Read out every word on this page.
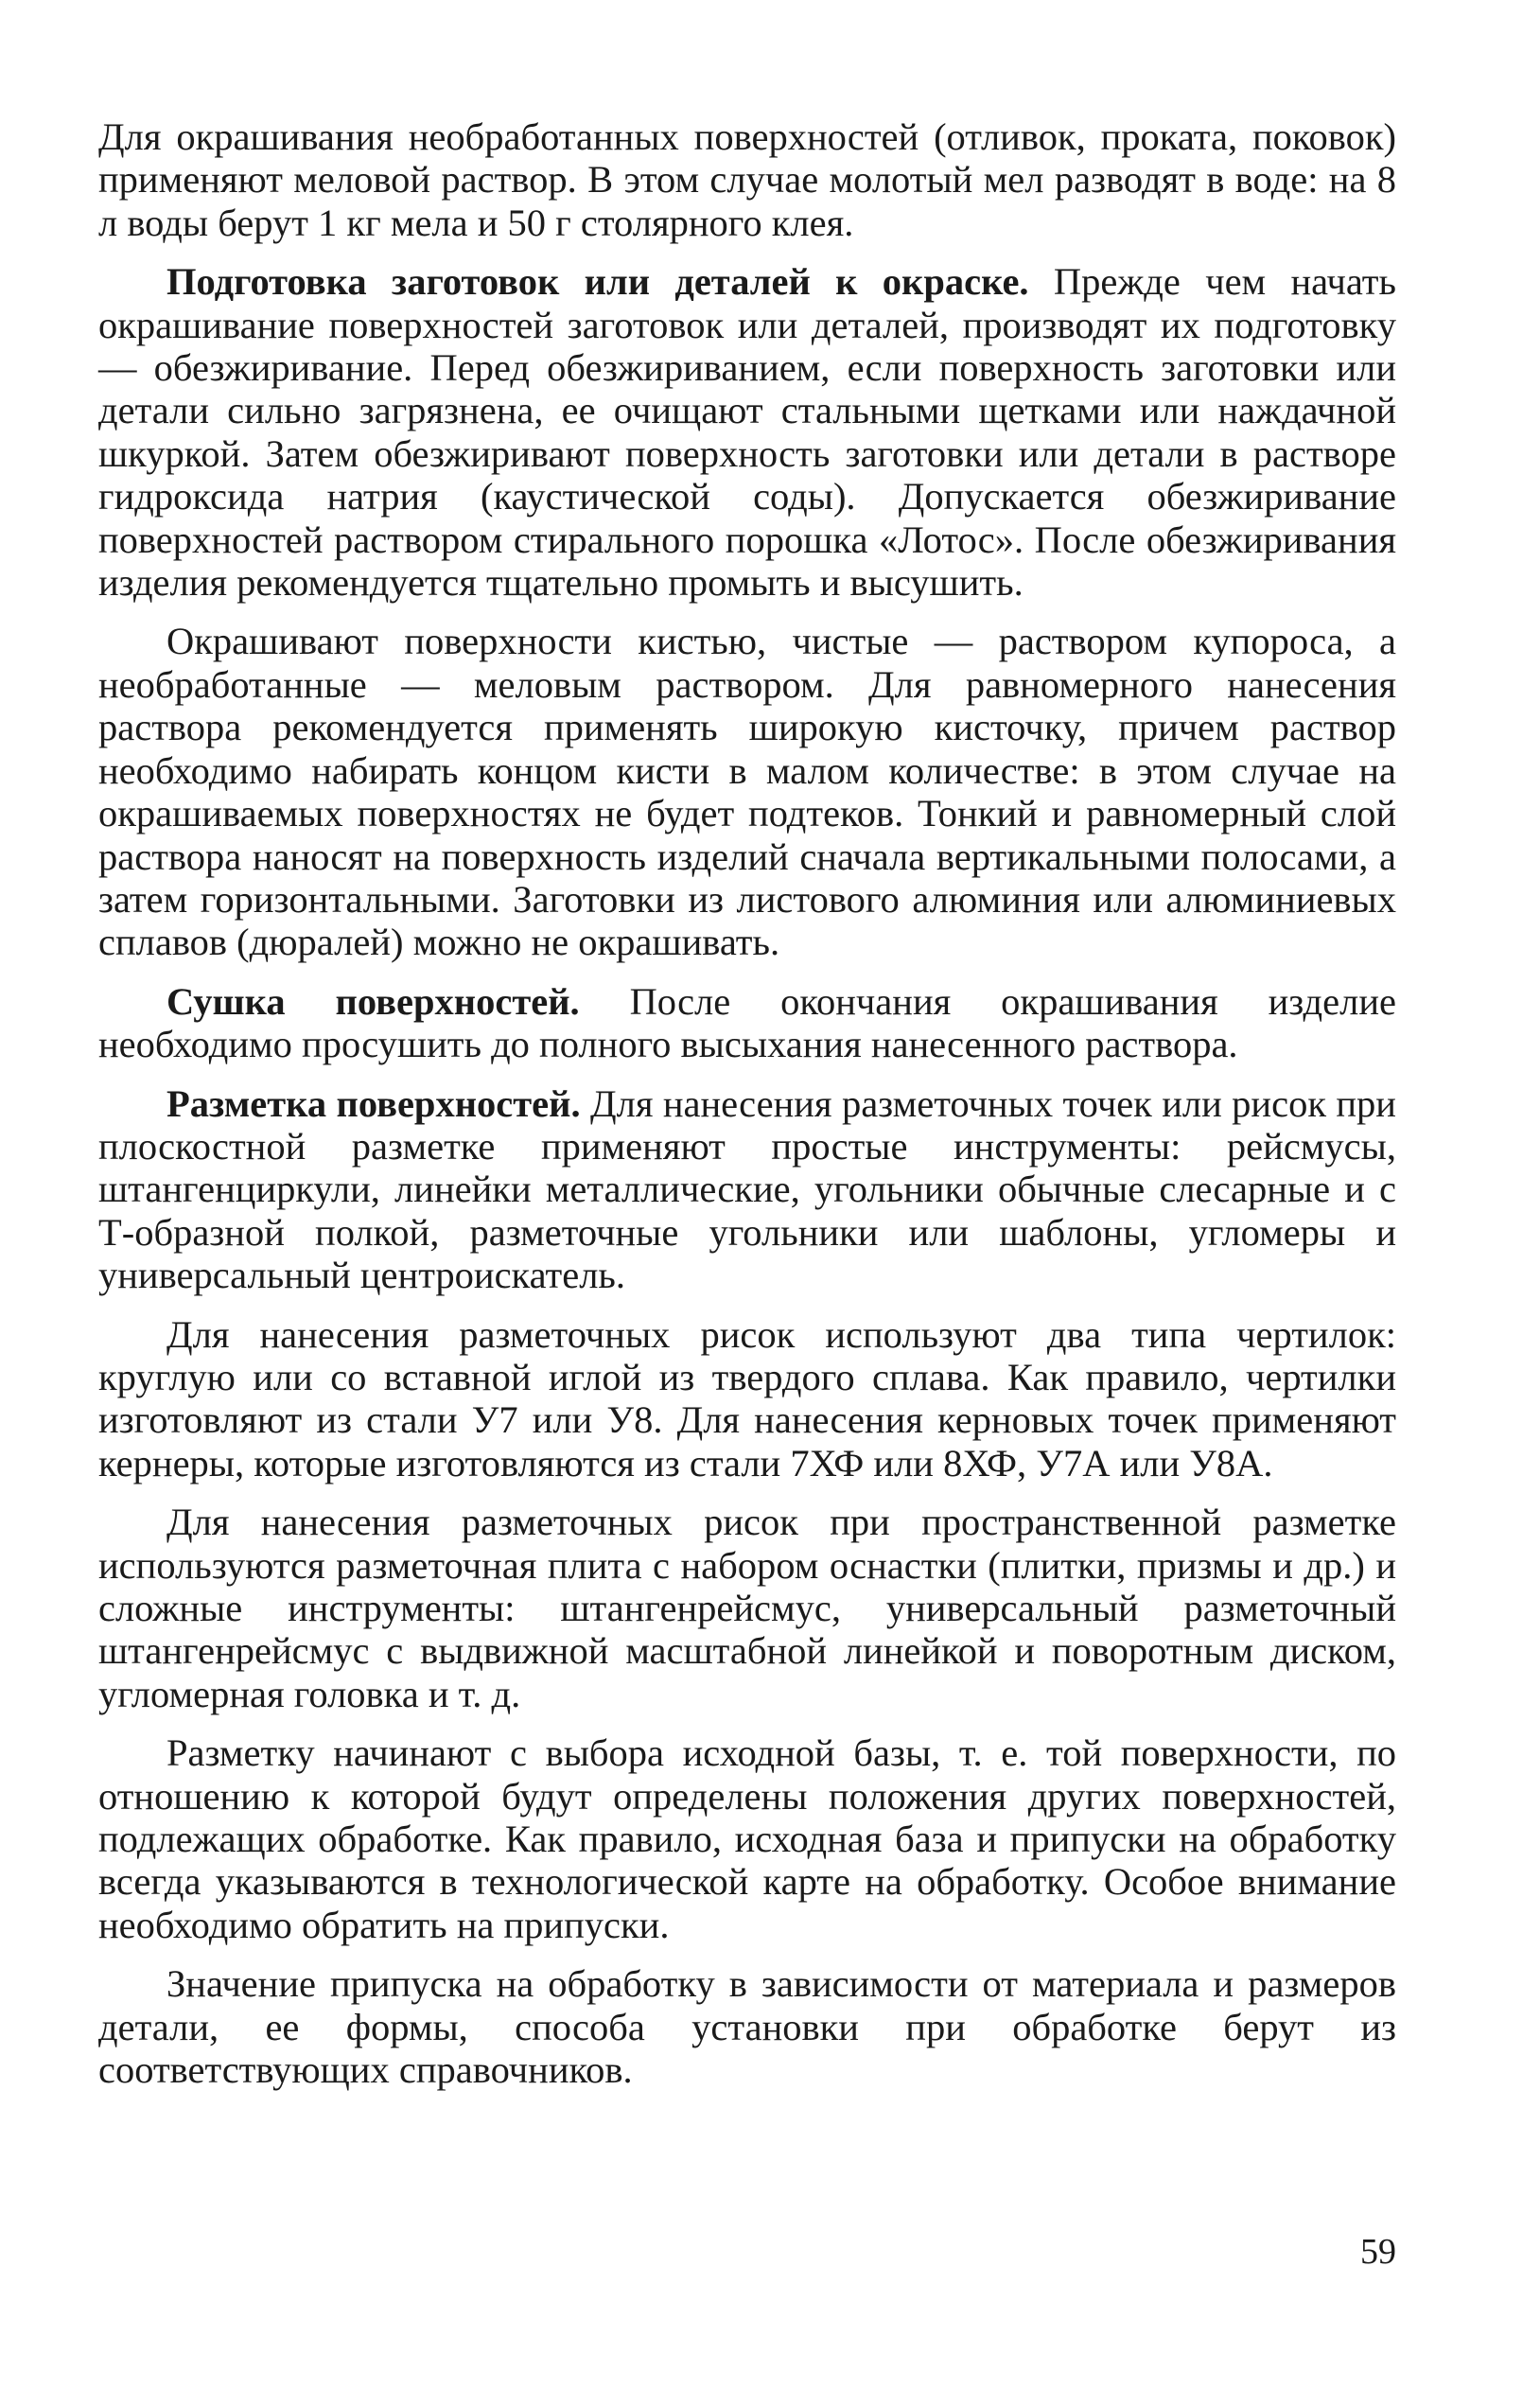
Для окрашивания необработанных поверхностей (отливок, проката, поковок) применяют меловой раствор. В этом случае молотый мел разводят в воде: на 8 л воды берут 1 кг мела и 50 г столярного клея.

Подготовка заготовок или деталей к окраске. Прежде чем начать окрашивание поверхностей заготовок или деталей, производят их подготовку — обезжиривание. Перед обезжириванием, если поверхность заготовки или детали сильно загрязнена, ее очищают стальными щетками или наждачной шкуркой. Затем обезжиривают поверхность заготовки или детали в растворе гидроксида натрия (каустической соды). Допускается обезжиривание поверхностей раствором стирального порошка «Лотос». После обезжиривания изделия рекомендуется тщательно промыть и высушить.

Окрашивают поверхности кистью, чистые — раствором купороса, а необработанные — меловым раствором. Для равномерного нанесения раствора рекомендуется применять широкую кисточку, причем раствор необходимо набирать концом кисти в малом количестве: в этом случае на окрашиваемых поверхностях не будет подтеков. Тонкий и равномерный слой раствора наносят на поверхность изделий сначала вертикальными полосами, а затем горизонтальными. Заготовки из листового алюминия или алюминиевых сплавов (дюралей) можно не окрашивать.

Сушка поверхностей. После окончания окрашивания изделие необходимо просушить до полного высыхания нанесенного раствора.

Разметка поверхностей. Для нанесения разметочных точек или рисок при плоскостной разметке применяют простые инструменты: рейсмусы, штангенциркули, линейки металлические, угольники обычные слесарные и с Т-образной полкой, разметочные угольники или шаблоны, угломеры и универсальный центроискатель.

Для нанесения разметочных рисок используют два типа чертилок: круглую или со вставной иглой из твердого сплава. Как правило, чертилки изготовляют из стали У7 или У8. Для нанесения керновых точек применяют кернеры, которые изготовляются из стали 7ХФ или 8ХФ, У7А или У8А.

Для нанесения разметочных рисок при пространственной разметке используются разметочная плита с набором оснастки (плитки, призмы и др.) и сложные инструменты: штангенрейсмус, универсальный разметочный штангенрейсмус с выдвижной масштабной линейкой и поворотным диском, угломерная головка и т. д.

Разметку начинают с выбора исходной базы, т. е. той поверхности, по отношению к которой будут определены положения других поверхностей, подлежащих обработке. Как правило, исходная база и припуски на обработку всегда указываются в технологической карте на обработку. Особое внимание необходимо обратить на припуски.

Значение припуска на обработку в зависимости от материала и размеров детали, ее формы, способа установки при обработке берут из соответствующих справочников.

59
